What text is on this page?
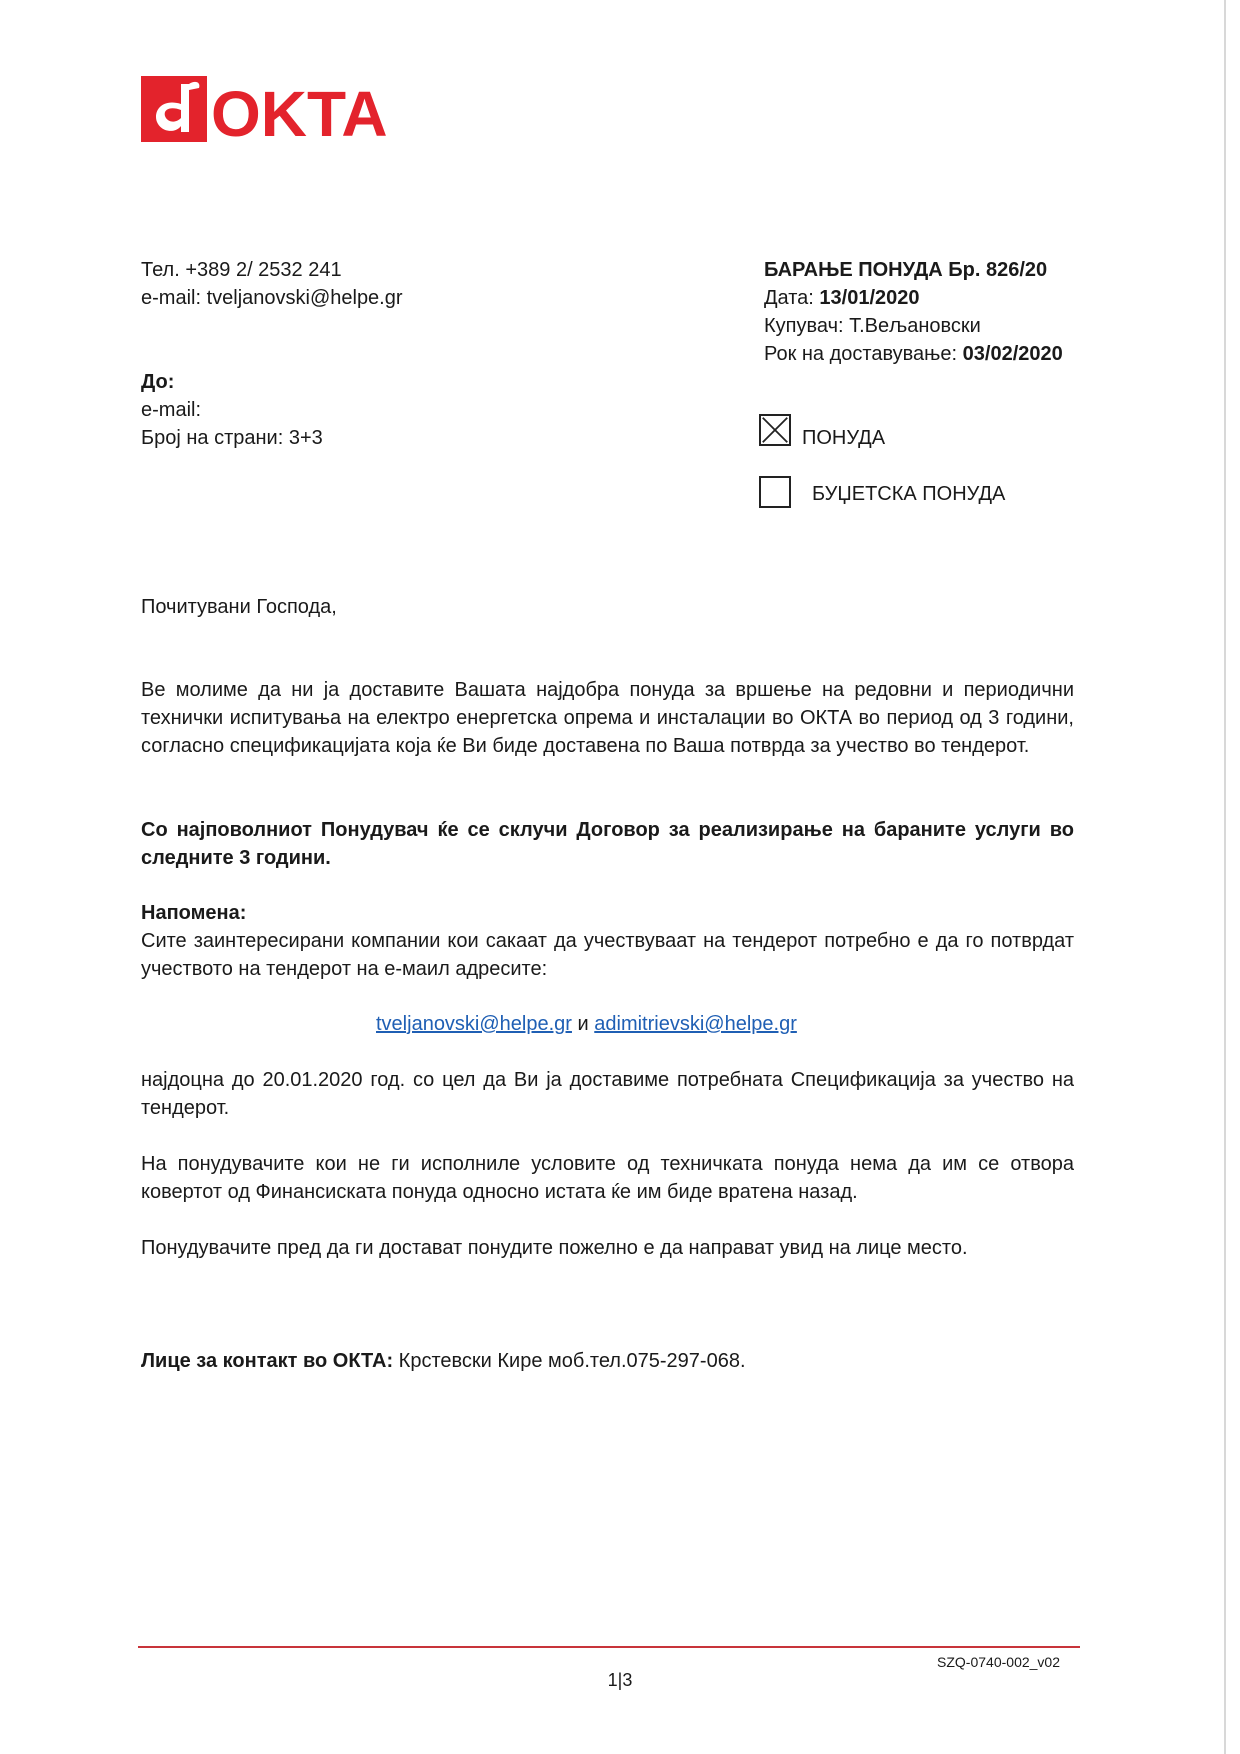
OKTA

Тел. +389 2/ 2532 241

e-mail: tveljanovski@helpe.gr

БАРАЊЕ ПОНУДА Бр. 826/20

Дата: 13/01/2020

Купувач: Т.Вељановски

Рок на доставување: 03/02/2020

До:

e-mail:

Број на страни: 3+3	ПОНУДА

БУЏЕТСКА ПОНУДА

Почитувани Господа,

Ве молиме да ни ја доставите Вашата најдобра понуда за вршење на редовни и периодични технички испитувања на електро енергетска опрема и инсталации во ОКТА во период од 3 години, согласно спецификацијата која ќе Ви биде доставена по Ваша потврда за учество во тендерот.

Со најповолниот Понудувач ќе се склучи Договор за реализирање на бараните услуги во следните 3 години.

Напомена:

Сите заинтересирани компании кои сакаат да учествуваат на тендерот потребно е да го потврдат учеството на тендерот на е-маил адресите:

tveljanovski@helpe.gr и adimitrievski@helpe.gr

најдоцна до 20.01.2020 год. со цел да Ви ја доставиме потребната Спецификација за учество на тендерот.

На понудувачите кои не ги исполниле условите од техничката понуда нема да им се отвора ковертот од Финансиската понуда односно истата ќе им биде вратена назад.

Понудувачите пред да ги достават понудите пожелно е да направат увид на лице место.

Лице за контакт во ОКТА: Крстевски Кире моб.тел.075-297-068.

SZQ-0740-002_v02
1|3
